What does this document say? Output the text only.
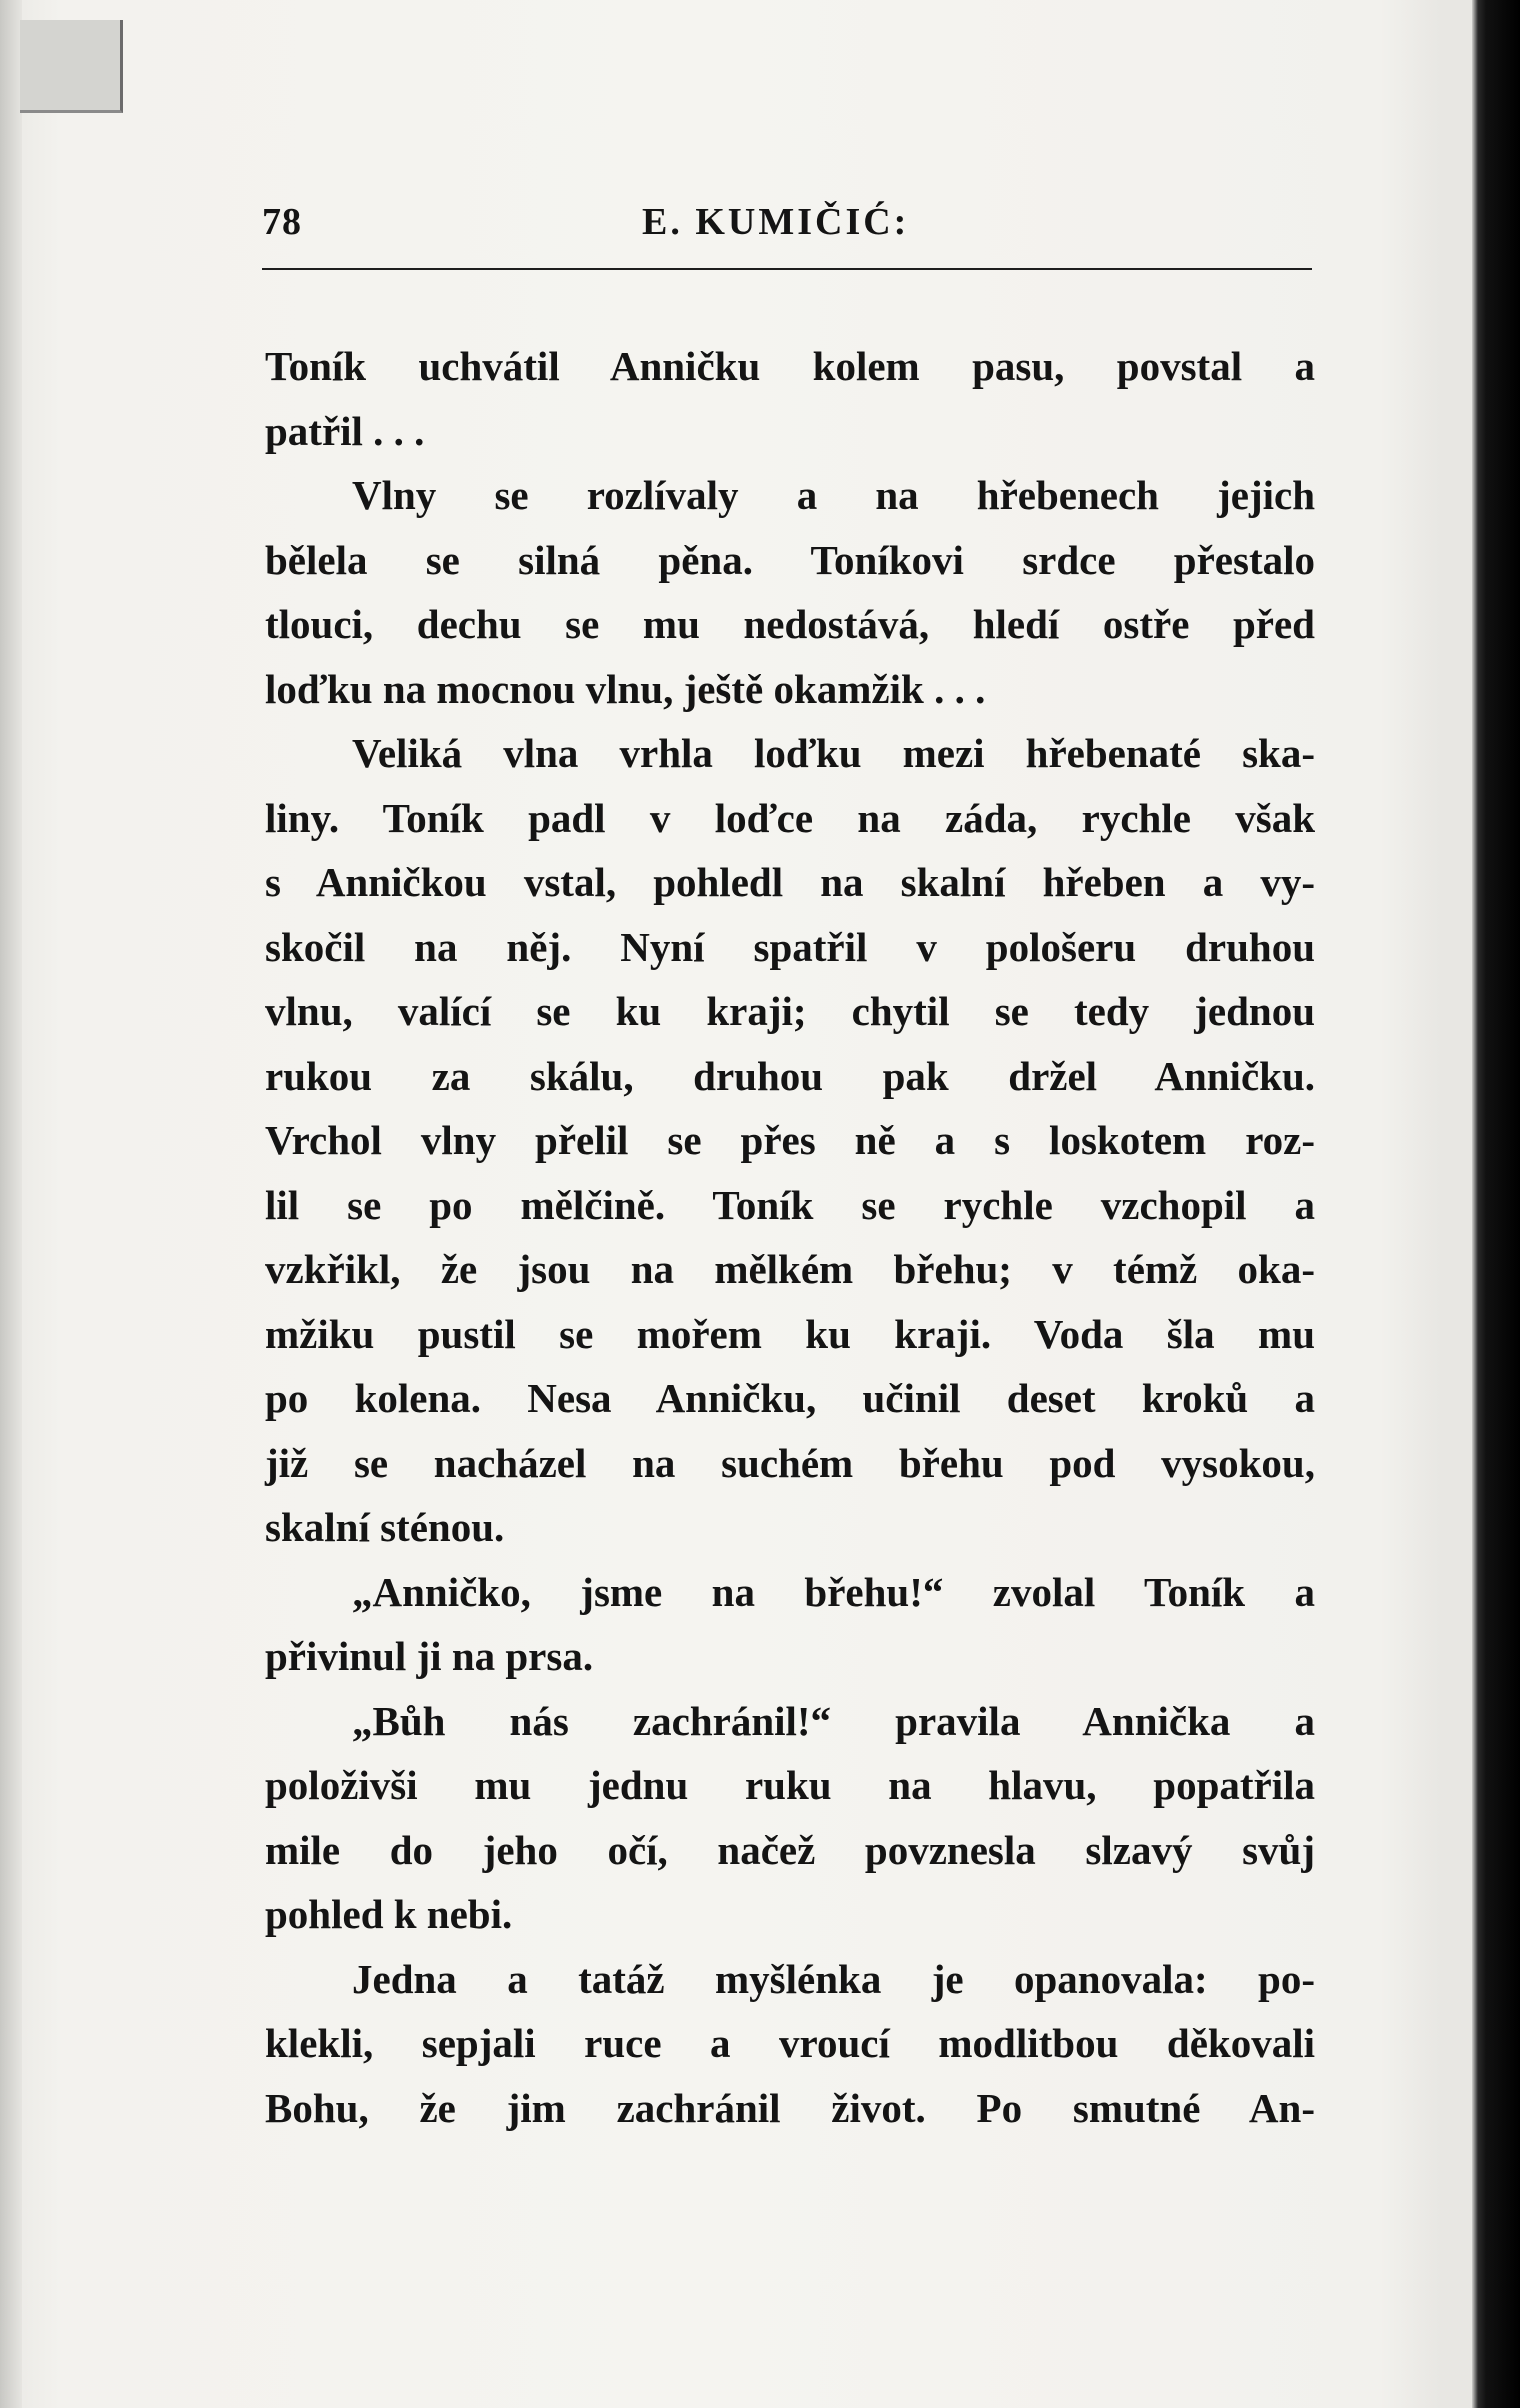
78	E. KUMIČIĆ:
Toník uchvátil Anničku kolem pasu, povstal a
patřil . . .
Vlny se rozlívaly a na hřebenech jejich
bělela se silná pěna. Toníkovi srdce přestalo
tlouci, dechu se mu nedostává, hledí ostře před
loďku na mocnou vlnu, ještě okamžik . . .
Veliká vlna vrhla loďku mezi hřebenaté ska-
liny. Toník padl v loďce na záda, rychle však
s Anničkou vstal, pohledl na skalní hřeben a vy-
skočil na něj. Nyní spatřil v pološeru druhou
vlnu, valící se ku kraji; chytil se tedy jednou
rukou za skálu, druhou pak držel Anničku.
Vrchol vlny přelil se přes ně a s loskotem roz-
lil se po mělčině. Toník se rychle vzchopil a
vzkřikl, že jsou na mělkém břehu; v témž oka-
mžiku pustil se mořem ku kraji. Voda šla mu
po kolena. Nesa Anničku, učinil deset kroků a
již se nacházel na suchém břehu pod vysokou,
skalní sténou.
„Anničko, jsme na břehu!“ zvolal Toník a
přivinul ji na prsa.
„Bůh nás zachránil!“ pravila Annička a
položivši mu jednu ruku na hlavu, popatřila
mile do jeho očí, načež povznesla slzavý svůj
pohled k nebi.
Jedna a tatáž myšlénka je opanovala: po-
klekli, sepjali ruce a vroucí modlitbou děkovali
Bohu, že jim zachránil život. Po smutné An-
